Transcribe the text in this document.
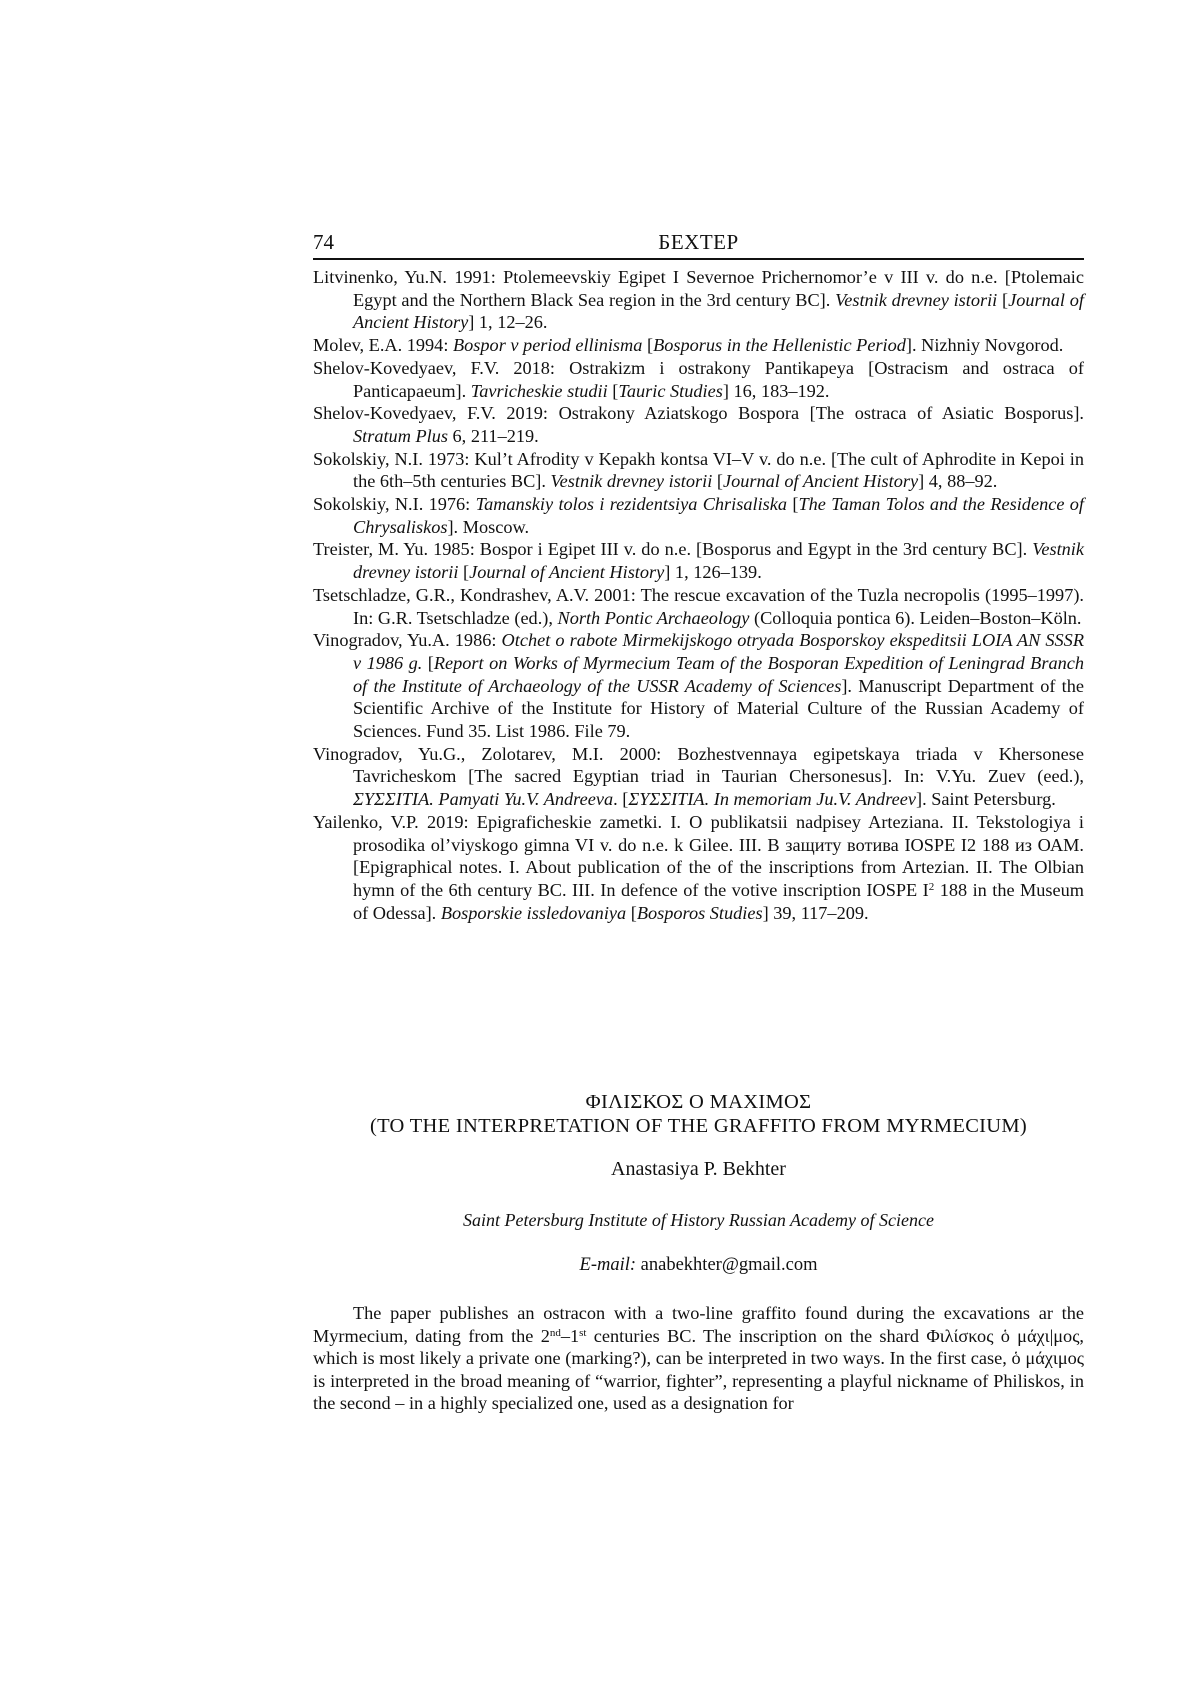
74	БЕХТЕР
Litvinenko, Yu.N. 1991: Ptolemeevskiy Egipet I Severnoe Prichernomor’e v III v. do n.e. [Ptolemaic Egypt and the Northern Black Sea region in the 3rd century BC]. Vestnik drevney istorii [Journal of Ancient History] 1, 12–26.
Molev, E.A. 1994: Bospor v period ellinisma [Bosporus in the Hellenistic Period]. Nizhniy Novgorod.
Shelov-Kovedyaev, F.V. 2018: Ostrakizm i ostrakony Pantikapeya [Ostracism and ostraca of Panticapaeum]. Tavricheskie studii [Tauric Studies] 16, 183–192.
Shelov-Kovedyaev, F.V. 2019: Ostrakony Aziatskogo Bospora [The ostraca of Asiatic Bosporus]. Stratum Plus 6, 211–219.
Sokolskiy, N.I. 1973: Kul’t Afrodity v Kepakh kontsa VI–V v. do n.e. [The cult of Aphrodite in Kepoi in the 6th–5th centuries BC]. Vestnik drevney istorii [Journal of Ancient History] 4, 88–92.
Sokolskiy, N.I. 1976: Tamanskiy tolos i rezidentsiya Chrisaliska [The Taman Tolos and the Residence of Chrysaliskos]. Moscow.
Treister, M. Yu. 1985: Bospor i Egipet III v. do n.e. [Bosporus and Egypt in the 3rd century BC]. Vestnik drevney istorii [Journal of Ancient History] 1, 126–139.
Tsetschladze, G.R., Kondrashev, A.V. 2001: The rescue excavation of the Tuzla necropolis (1995–1997). In: G.R. Tsetschladze (ed.), North Pontic Archaeology (Colloquia pontica 6). Leiden–Boston–Köln.
Vinogradov, Yu.A. 1986: Otchet o rabote Mirmekijskogo otryada Bosporskoy ekspeditsii LOIA AN SSSR v 1986 g. [Report on Works of Myrmecium Team of the Bosporan Expedition of Leningrad Branch of the Institute of Archaeology of the USSR Academy of Sciences]. Manuscript Department of the Scientific Archive of the Institute for History of Material Culture of the Russian Academy of Sciences. Fund 35. List 1986. File 79.
Vinogradov, Yu.G., Zolotarev, M.I. 2000: Bozhestvennaya egipetskaya triada v Khersonese Tavricheskom [The sacred Egyptian triad in Taurian Chersonesus]. In: V.Yu. Zuev (eed.), ΣΥΣΣΙΤΙΑ. Pamyati Yu.V. Andreeva. [ΣΥΣΣΙΤΙΑ. In memoriam Ju.V. Andreev]. Saint Petersburg.
Yailenko, V.P. 2019: Epigraficheskie zametki. I. O publikatsii nadpisey Arteziana. II. Tekstologiya i prosodika ol’viyskogo gimna VI v. do n.e. k Gilee. III. В защиту вотива IOSPE I2 188 из ОАМ. [Epigraphical notes. I. About publication of the of the inscriptions from Artezian. II. The Olbian hymn of the 6th century BC. III. In defence of the votive inscription IOSPE $I^2$ 188 in the Museum of Odessa]. Bosporskie issledovaniya [Bosporos Studies] 39, 117–209.
ΦΙΛΙΣΚΟΣ Ο ΜΑΧΙΜΟΣ
(TO THE INTERPRETATION OF THE GRAFFITO FROM MYRMECIUM)
Anastasiya P. Bekhter
Saint Petersburg Institute of History Russian Academy of Science
E-mail: anabekhter@gmail.com

The paper publishes an ostracon with a two-line graffito found during the excavations ar the Myrmecium, dating from the 2nd–1st centuries BC. The inscription on the shard Φιλίσκος ὁ μάχι|μος, which is most likely a private one (marking?), can be interpreted in two ways. In the first case, ὁ μάχιμος is interpreted in the broad meaning of “warrior, fighter”, representing a playful nickname of Philiskos, in the second – in a highly specialized one, used as a designation for
